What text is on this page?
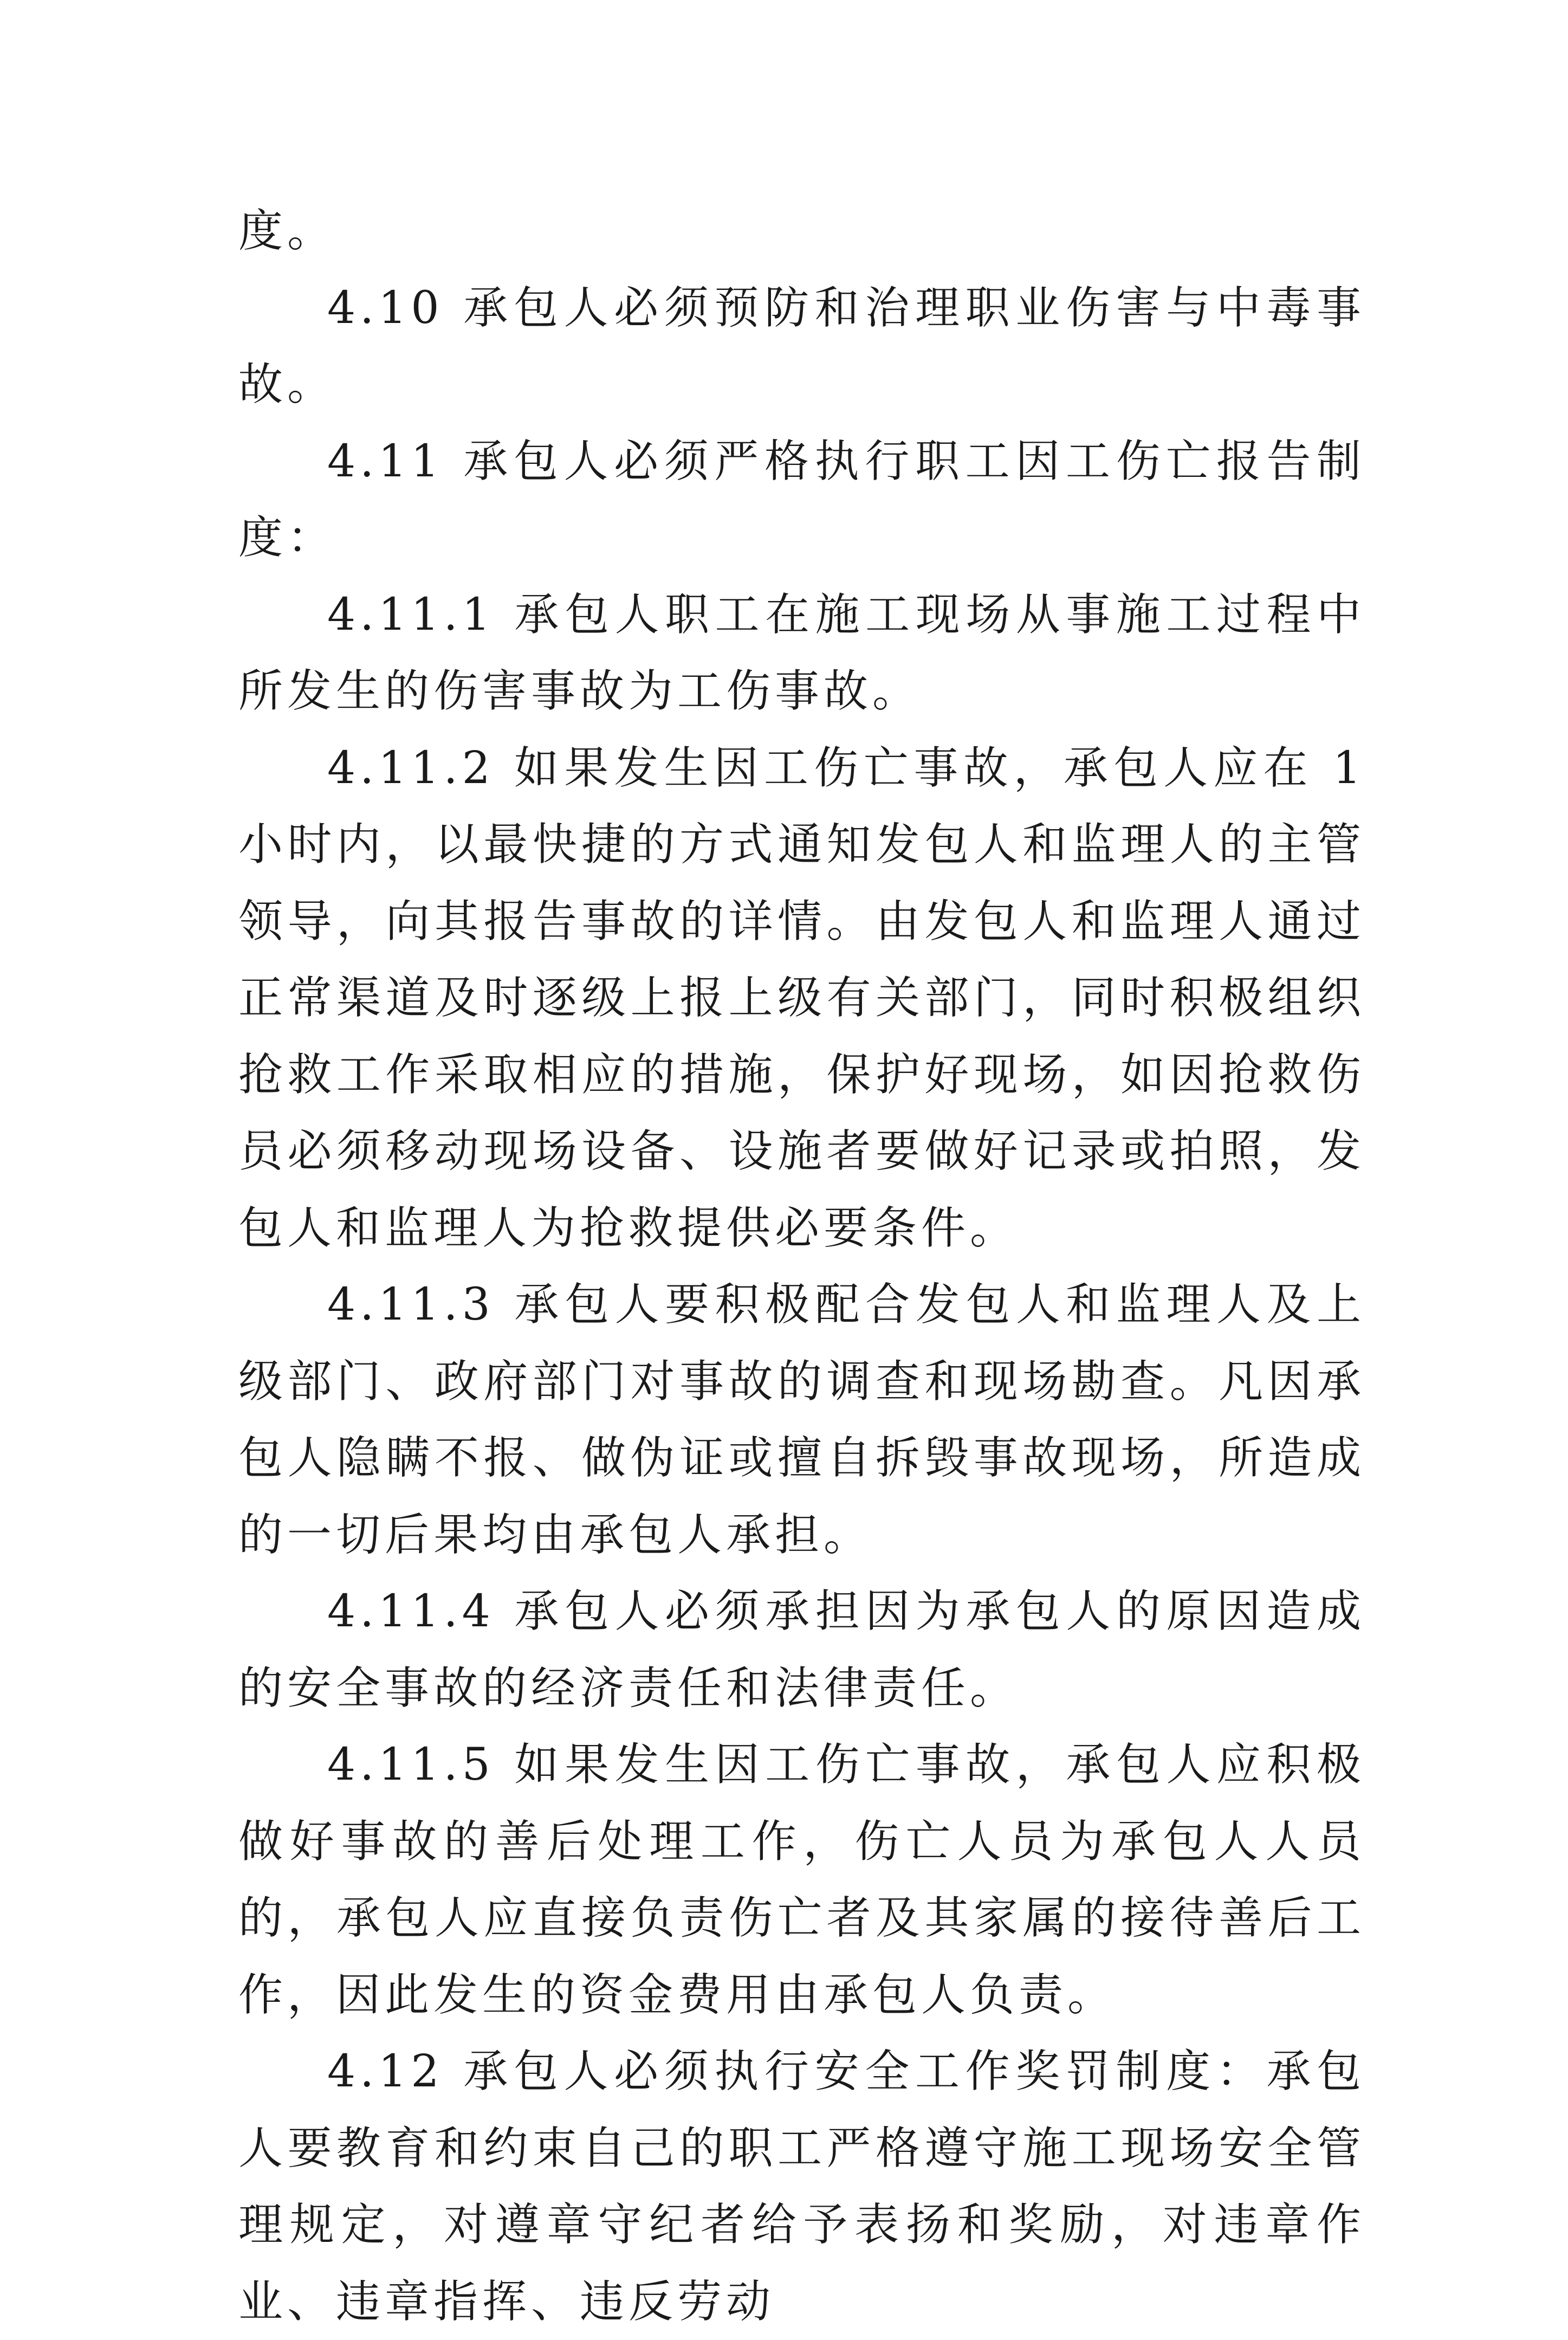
度。

4.10 承包人必须预防和治理职业伤害与中毒事故。

4.11 承包人必须严格执行职工因工伤亡报告制度：

4.11.1 承包人职工在施工现场从事施工过程中所发生的伤害事故为工伤事故。

4.11.2 如果发生因工伤亡事故，承包人应在 1 小时内，以最快捷的方式通知发包人和监理人的主管领导，向其报告事故的详情。由发包人和监理人通过正常渠道及时逐级上报上级有关部门，同时积极组织抢救工作采取相应的措施，保护好现场，如因抢救伤员必须移动现场设备、设施者要做好记录或拍照，发包人和监理人为抢救提供必要条件。

4.11.3 承包人要积极配合发包人和监理人及上级部门、政府部门对事故的调查和现场勘查。凡因承包人隐瞒不报、做伪证或擅自拆毁事故现场，所造成的一切后果均由承包人承担。

4.11.4 承包人必须承担因为承包人的原因造成的安全事故的经济责任和法律责任。

4.11.5 如果发生因工伤亡事故，承包人应积极做好事故的善后处理工作，伤亡人员为承包人人员的，承包人应直接负责伤亡者及其家属的接待善后工作，因此发生的资金费用由承包人负责。

4.12 承包人必须执行安全工作奖罚制度：承包人要教育和约束自己的职工严格遵守施工现场安全管理规定，对遵章守纪者给予表扬和奖励，对违章作业、违章指挥、违反劳动
